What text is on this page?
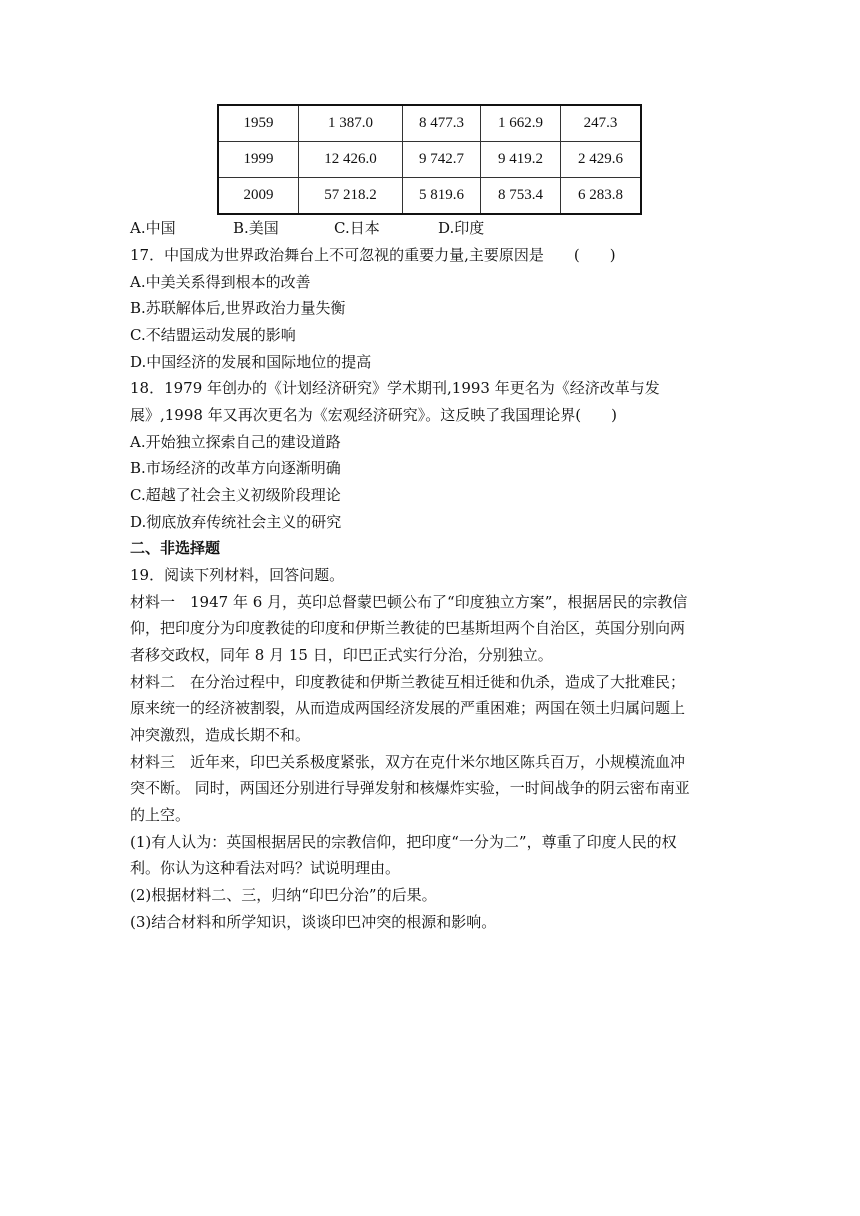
1959	1 387.0	8 477.3	1 662.9	247.3
1999	12 426.0	9 742.7	9 419.2	2 429.6
2009	57 218.2	5 819.6	8 753.4	6 283.8
A.中国	B.美国	C.日本	D.印度
17．中国成为世界政治舞台上不可忽视的重要力量,主要原因是　　(　　)
A.中美关系得到根本的改善
B.苏联解体后,世界政治力量失衡
C.不结盟运动发展的影响
D.中国经济的发展和国际地位的提高
18．1979 年创办的《计划经济研究》学术期刊,1993 年更名为《经济改革与发
展》,1998 年又再次更名为《宏观经济研究》。这反映了我国理论界(　　)
A.开始独立探索自己的建设道路
B.市场经济的改革方向逐渐明确
C.超越了社会主义初级阶段理论
D.彻底放弃传统社会主义的研究
二、非选择题
19．阅读下列材料，回答问题。
材料一　1947 年 6 月，英印总督蒙巴顿公布了“印度独立方案”，根据居民的宗教信
仰，把印度分为印度教徒的印度和伊斯兰教徒的巴基斯坦两个自治区，英国分别向两
者移交政权，同年 8 月 15 日，印巴正式实行分治，分别独立。
材料二　在分治过程中，印度教徒和伊斯兰教徒互相迁徙和仇杀，造成了大批难民；
原来统一的经济被割裂，从而造成两国经济发展的严重困难；两国在领土归属问题上
冲突激烈，造成长期不和。
材料三　近年来，印巴关系极度紧张，双方在克什米尔地区陈兵百万，小规模流血冲
突不断。 同时，两国还分别进行导弹发射和核爆炸实验，一时间战争的阴云密布南亚
的上空。
(1)有人认为：英国根据居民的宗教信仰，把印度“一分为二”，尊重了印度人民的权
利。你认为这种看法对吗？试说明理由。
(2)根据材料二、三，归纳“印巴分治”的后果。
(3)结合材料和所学知识，谈谈印巴冲突的根源和影响。
